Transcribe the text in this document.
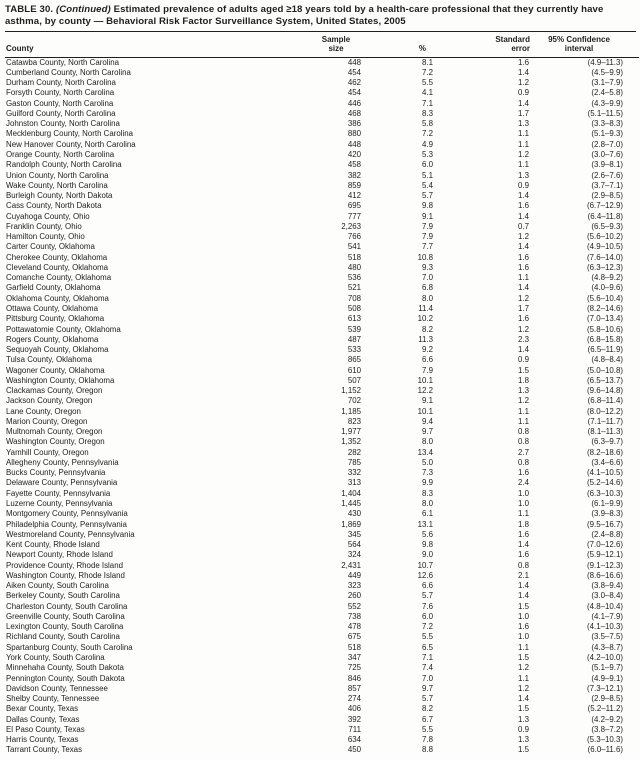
TABLE 30. (Continued) Estimated prevalence of adults aged ≥18 years told by a health-care professional that they currently have asthma, by county — Behavioral Risk Factor Surveillance System, United States, 2005
County	Sample
size	%	Standard
error	95% Confidence
interval

Catawba County, North Carolina	448	8.1	1.6	(4.9–11.3)
Cumberland County, North Carolina	454	7.2	1.4	(4.5–9.9)
Durham County, North Carolina	462	5.5	1.2	(3.1–7.9)
Forsyth County, North Carolina	454	4.1	0.9	(2.4–5.8)
Gaston County, North Carolina	446	7.1	1.4	(4.3–9.9)
Guilford County, North Carolina	468	8.3	1.7	(5.1–11.5)
Johnston County, North Carolina	386	5.8	1.3	(3.3–8.3)
Mecklenburg County, North Carolina	880	7.2	1.1	(5.1–9.3)
New Hanover County, North Carolina	448	4.9	1.1	(2.8–7.0)
Orange County, North Carolina	420	5.3	1.2	(3.0–7.6)
Randolph County, North Carolina	458	6.0	1.1	(3.9–8.1)
Union County, North Carolina	382	5.1	1.3	(2.6–7.6)
Wake County, North Carolina	859	5.4	0.9	(3.7–7.1)
Burleigh County, North Dakota	412	5.7	1.4	(2.9–8.5)
Cass County, North Dakota	695	9.8	1.6	(6.7–12.9)
Cuyahoga County, Ohio	777	9.1	1.4	(6.4–11.8)
Franklin County, Ohio	2,263	7.9	0.7	(6.5–9.3)
Hamilton County, Ohio	766	7.9	1.2	(5.6–10.2)
Carter County, Oklahoma	541	7.7	1.4	(4.9–10.5)
Cherokee County, Oklahoma	518	10.8	1.6	(7.6–14.0)
Cleveland County, Oklahoma	480	9.3	1.6	(6.3–12.3)
Comanche County, Oklahoma	536	7.0	1.1	(4.8–9.2)
Garfield County, Oklahoma	521	6.8	1.4	(4.0–9.6)
Oklahoma County, Oklahoma	708	8.0	1.2	(5.6–10.4)
Ottawa County, Oklahoma	508	11.4	1.7	(8.2–14.6)
Pittsburg County, Oklahoma	613	10.2	1.6	(7.0–13.4)
Pottawatomie County, Oklahoma	539	8.2	1.2	(5.8–10.6)
Rogers County, Oklahoma	487	11.3	2.3	(6.8–15.8)
Sequoyah County, Oklahoma	533	9.2	1.4	(6.5–11.9)
Tulsa County, Oklahoma	865	6.6	0.9	(4.8–8.4)
Wagoner County, Oklahoma	610	7.9	1.5	(5.0–10.8)
Washington County, Oklahoma	507	10.1	1.8	(6.5–13.7)
Clackamas County, Oregon	1,152	12.2	1.3	(9.6–14.8)
Jackson County, Oregon	702	9.1	1.2	(6.8–11.4)
Lane County, Oregon	1,185	10.1	1.1	(8.0–12.2)
Marion County, Oregon	823	9.4	1.1	(7.1–11.7)
Multnomah County, Oregon	1,977	9.7	0.8	(8.1–11.3)
Washington County, Oregon	1,352	8.0	0.8	(6.3–9.7)
Yamhill County, Oregon	282	13.4	2.7	(8.2–18.6)
Allegheny County, Pennsylvania	785	5.0	0.8	(3.4–6.6)
Bucks County, Pennsylvania	332	7.3	1.6	(4.1–10.5)
Delaware County, Pennsylvania	313	9.9	2.4	(5.2–14.6)
Fayette County, Pennsylvania	1,404	8.3	1.0	(6.3–10.3)
Luzerne County, Pennsylvania	1,445	8.0	1.0	(6.1–9.9)
Montgomery County, Pennsylvania	430	6.1	1.1	(3.9–8.3)
Philadelphia County, Pennsylvania	1,869	13.1	1.8	(9.5–16.7)
Westmoreland County, Pennsylvania	345	5.6	1.6	(2.4–8.8)
Kent County, Rhode Island	564	9.8	1.4	(7.0–12.6)
Newport County, Rhode Island	324	9.0	1.6	(5.9–12.1)
Providence County, Rhode Island	2,431	10.7	0.8	(9.1–12.3)
Washington County, Rhode Island	449	12.6	2.1	(8.6–16.6)
Aiken County, South Carolina	323	6.6	1.4	(3.8–9.4)
Berkeley County, South Carolina	260	5.7	1.4	(3.0–8.4)
Charleston County, South Carolina	552	7.6	1.5	(4.8–10.4)
Greenville County, South Carolina	738	6.0	1.0	(4.1–7.9)
Lexington County, South Carolina	478	7.2	1.6	(4.1–10.3)
Richland County, South Carolina	675	5.5	1.0	(3.5–7.5)
Spartanburg County, South Carolina	518	6.5	1.1	(4.3–8.7)
York County, South Carolina	347	7.1	1.5	(4.2–10.0)
Minnehaha County, South Dakota	725	7.4	1.2	(5.1–9.7)
Pennington County, South Dakota	846	7.0	1.1	(4.9–9.1)
Davidson County, Tennessee	857	9.7	1.2	(7.3–12.1)
Shelby County, Tennessee	274	5.7	1.4	(2.9–8.5)
Bexar County, Texas	406	8.2	1.5	(5.2–11.2)
Dallas County, Texas	392	6.7	1.3	(4.2–9.2)
El Paso County, Texas	711	5.5	0.9	(3.8–7.2)
Harris County, Texas	634	7.8	1.3	(5.3–10.3)
Tarrant County, Texas	450	8.8	1.5	(6.0–11.6)
